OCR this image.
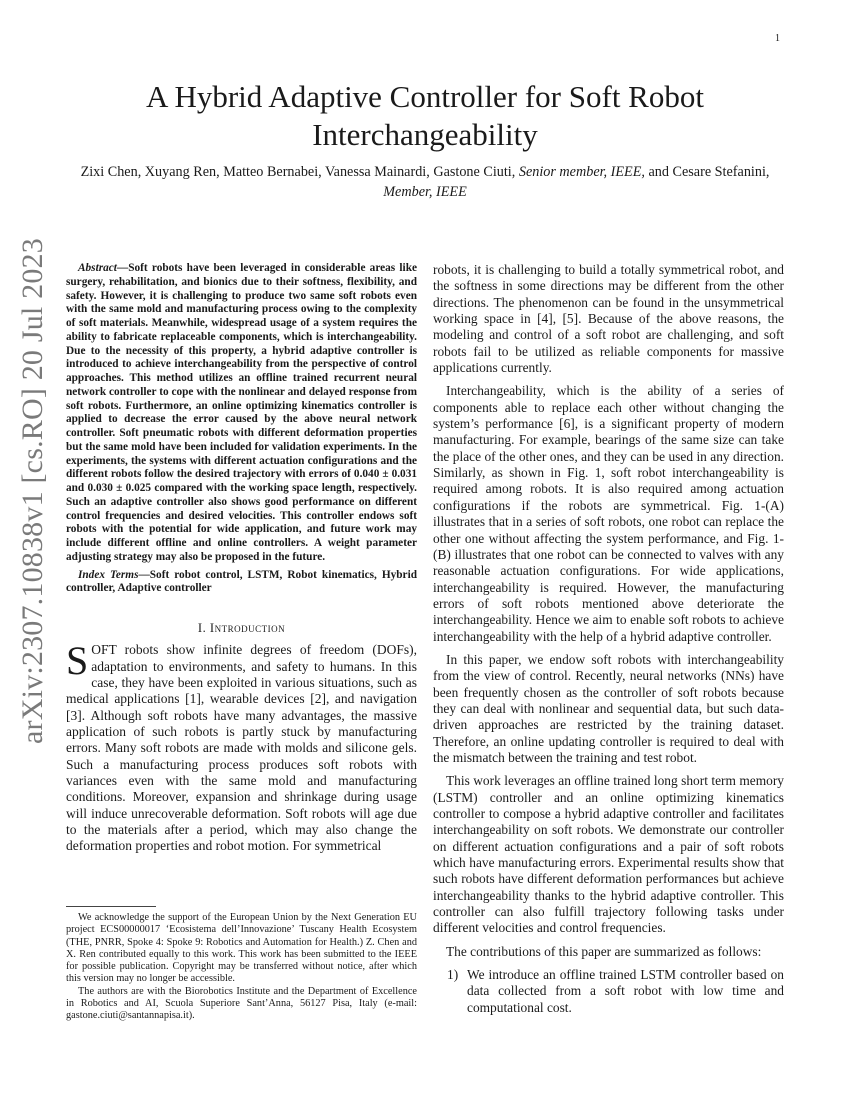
1
arXiv:2307.10838v1 [cs.RO] 20 Jul 2023
A Hybrid Adaptive Controller for Soft Robot Interchangeability
Zixi Chen, Xuyang Ren, Matteo Bernabei, Vanessa Mainardi, Gastone Ciuti, Senior member, IEEE, and Cesare Stefanini, Member, IEEE

Abstract—Soft robots have been leveraged in considerable areas like surgery, rehabilitation, and bionics due to their softness, flexibility, and safety. However, it is challenging to produce two same soft robots even with the same mold and manufacturing process owing to the complexity of soft materials. Meanwhile, widespread usage of a system requires the ability to fabricate replaceable components, which is interchangeability. Due to the necessity of this property, a hybrid adaptive controller is introduced to achieve interchangeability from the perspective of control approaches. This method utilizes an offline trained recurrent neural network controller to cope with the nonlinear and delayed response from soft robots. Furthermore, an online optimizing kinematics controller is applied to decrease the error caused by the above neural network controller. Soft pneumatic robots with different deformation properties but the same mold have been included for validation experiments. In the experiments, the systems with different actuation configurations and the different robots follow the desired trajectory with errors of 0.040 ± 0.031 and 0.030 ± 0.025 compared with the working space length, respectively. Such an adaptive controller also shows good performance on different control frequencies and desired velocities. This controller endows soft robots with the potential for wide application, and future work may include different offline and online controllers. A weight parameter adjusting strategy may also be proposed in the future.

Index Terms—Soft robot control, LSTM, Robot kinematics, Hybrid controller, Adaptive controller

I. Introduction

SOFT robots show infinite degrees of freedom (DOFs), adaptation to environments, and safety to humans. In this case, they have been exploited in various situations, such as medical applications [1], wearable devices [2], and navigation [3]. Although soft robots have many advantages, the massive application of such robots is partly stuck by manufacturing errors. Many soft robots are made with molds and silicone gels. Such a manufacturing process produces soft robots with variances even with the same mold and manufacturing conditions. Moreover, expansion and shrinkage during usage will induce unrecoverable deformation. Soft robots will age due to the materials after a period, which may also change the deformation properties and robot motion. For symmetrical

We acknowledge the support of the European Union by the Next Generation EU project ECS00000017 ‘Ecosistema dell’Innovazione’ Tuscany Health Ecosystem (THE, PNRR, Spoke 4: Spoke 9: Robotics and Automation for Health.) Z. Chen and X. Ren contributed equally to this work. This work has been submitted to the IEEE for possible publication. Copyright may be transferred without notice, after which this version may no longer be accessible.

The authors are with the Biorobotics Institute and the Department of Excellence in Robotics and AI, Scuola Superiore Sant’Anna, 56127 Pisa, Italy (e-mail: gastone.ciuti@santannapisa.it).

robots, it is challenging to build a totally symmetrical robot, and the softness in some directions may be different from the other directions. The phenomenon can be found in the unsymmetrical working space in [4], [5]. Because of the above reasons, the modeling and control of a soft robot are challenging, and soft robots fail to be utilized as reliable components for massive applications currently.

Interchangeability, which is the ability of a series of components able to replace each other without changing the system’s performance [6], is a significant property of modern manufacturing. For example, bearings of the same size can take the place of the other ones, and they can be used in any direction. Similarly, as shown in Fig. 1, soft robot interchangeability is required among robots. It is also required among actuation configurations if the robots are symmetrical. Fig. 1-(A) illustrates that in a series of soft robots, one robot can replace the other one without affecting the system performance, and Fig. 1-(B) illustrates that one robot can be connected to valves with any reasonable actuation configurations. For wide applications, interchangeability is required. However, the manufacturing errors of soft robots mentioned above deteriorate the interchangeability. Hence we aim to enable soft robots to achieve interchangeability with the help of a hybrid adaptive controller.

In this paper, we endow soft robots with interchangeability from the view of control. Recently, neural networks (NNs) have been frequently chosen as the controller of soft robots because they can deal with nonlinear and sequential data, but such data-driven approaches are restricted by the training dataset. Therefore, an online updating controller is required to deal with the mismatch between the training and test robot.

This work leverages an offline trained long short term memory (LSTM) controller and an online optimizing kinematics controller to compose a hybrid adaptive controller and facilitates interchangeability on soft robots. We demonstrate our controller on different actuation configurations and a pair of soft robots which have manufacturing errors. Experimental results show that such robots have different deformation performances but achieve interchangeability thanks to the hybrid adaptive controller. This controller can also fulfill trajectory following tasks under different velocities and control frequencies.

The contributions of this paper are summarized as follows:

1) We introduce an offline trained LSTM controller based on data collected from a soft robot with low time and computational cost.
